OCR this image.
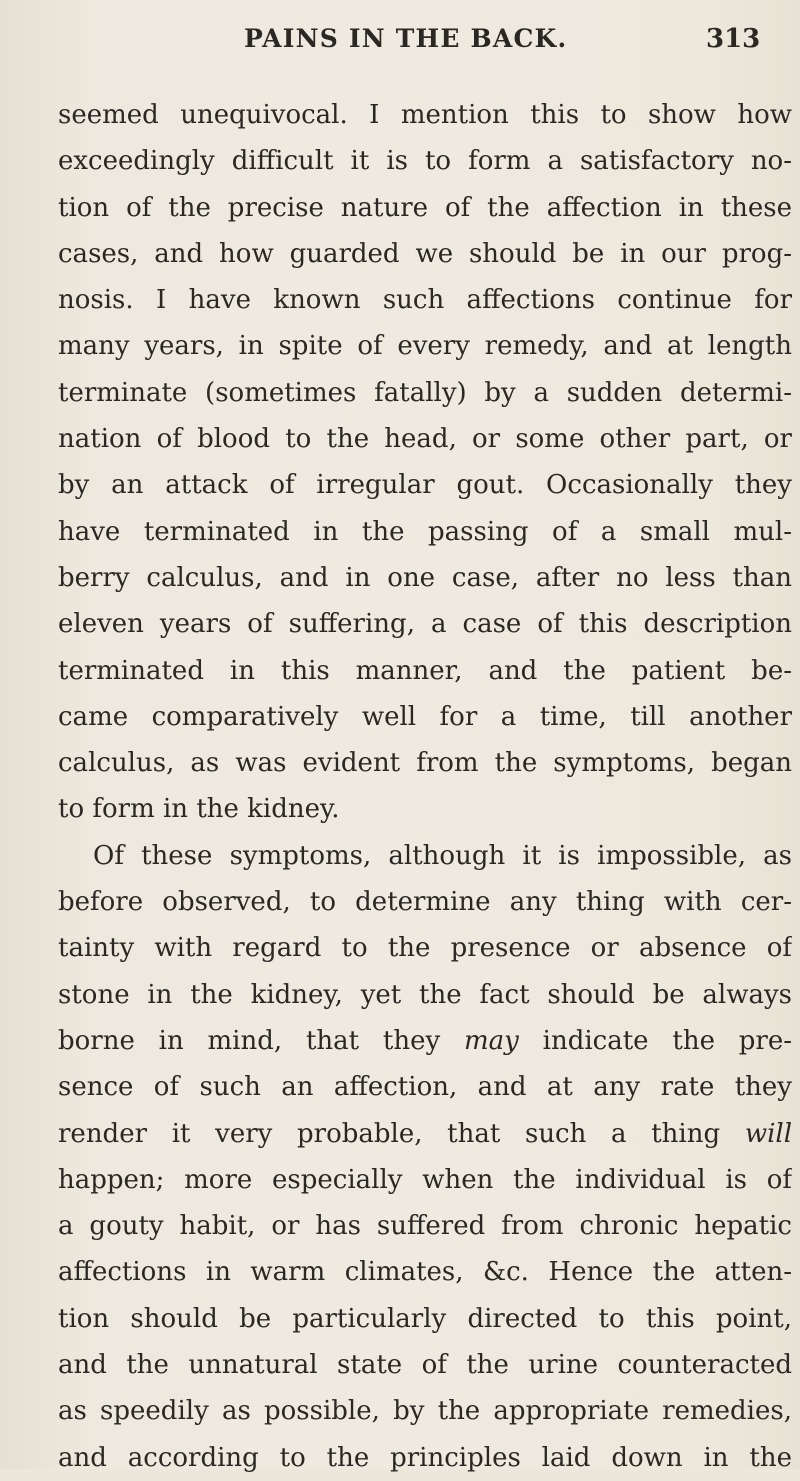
PAINS IN THE BACK.	313
seemed unequivocal. I mention this to show how
exceedingly difficult it is to form a satisfactory no-
tion of the precise nature of the affection in these
cases, and how guarded we should be in our prog-
nosis. I have known such affections continue for
many years, in spite of every remedy, and at length
terminate (sometimes fatally) by a sudden determi-
nation of blood to the head, or some other part, or
by an attack of irregular gout. Occasionally they
have terminated in the passing of a small mul-
berry calculus, and in one case, after no less than
eleven years of suffering, a case of this description
terminated in this manner, and the patient be-
came comparatively well for a time, till another
calculus, as was evident from the symptoms, began
to form in the kidney.
Of these symptoms, although it is impossible, as
before observed, to determine any thing with cer-
tainty with regard to the presence or absence of
stone in the kidney, yet the fact should be always
borne in mind, that they may indicate the pre-
sence of such an affection, and at any rate they
render it very probable, that such a thing will
happen; more especially when the individual is of
a gouty habit, or has suffered from chronic hepatic
affections in warm climates, &c. Hence the atten-
tion should be particularly directed to this point,
and the unnatural state of the urine counteracted
as speedily as possible, by the appropriate remedies,
and according to the principles laid down in the
